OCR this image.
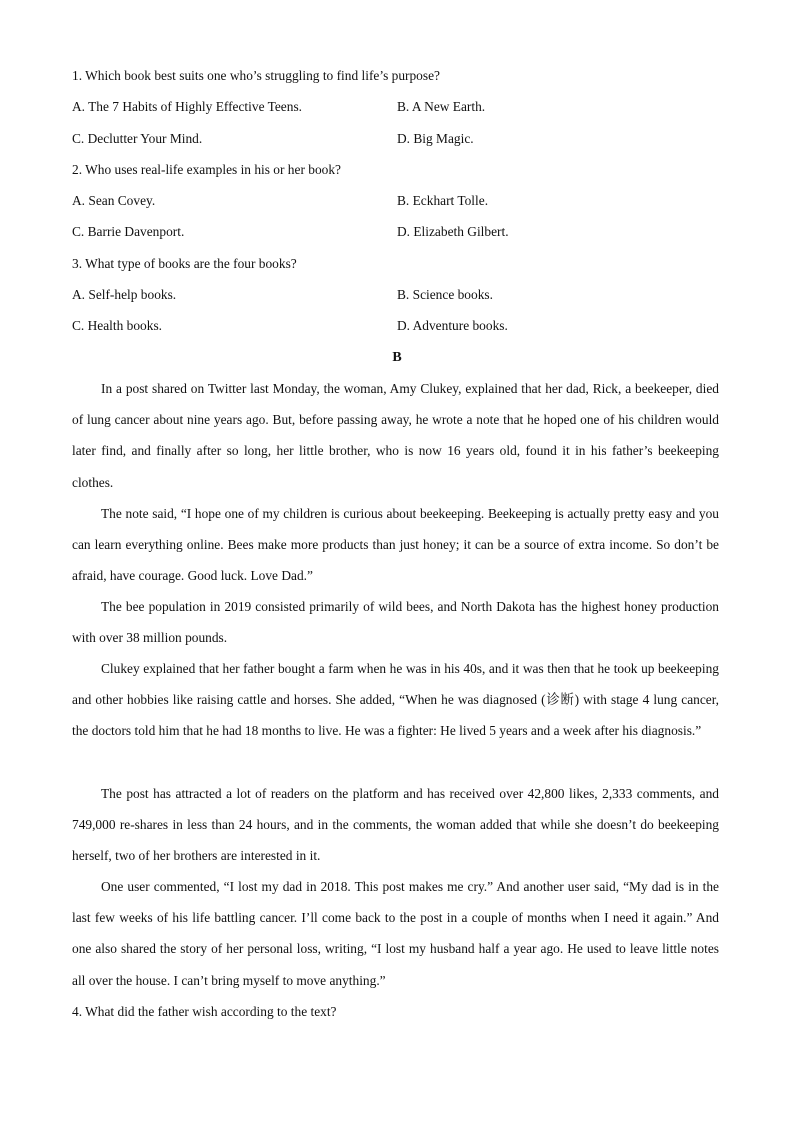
1. Which book best suits one who’s struggling to find life’s purpose?
A. The 7 Habits of Highly Effective Teens.	B. A New Earth.
C. Declutter Your Mind.	D. Big Magic.
2. Who uses real-life examples in his or her book?
A. Sean Covey.	B. Eckhart Tolle.
C. Barrie Davenport.	D. Elizabeth Gilbert.
3. What type of books are the four books?
A. Self-help books.	B. Science books.
C. Health books.	D. Adventure books.
B

In a post shared on Twitter last Monday, the woman, Amy Clukey, explained that her dad, Rick, a beekeeper, died of lung cancer about nine years ago. But, before passing away, he wrote a note that he hoped one of his children would later find, and finally after so long, her little brother, who is now 16 years old, found it in his father’s beekeeping clothes.

The note said, “I hope one of my children is curious about beekeeping. Beekeeping is actually pretty easy and you can learn everything online. Bees make more products than just honey; it can be a source of extra income. So don’t be afraid, have courage. Good luck. Love Dad.”

The bee population in 2019 consisted primarily of wild bees, and North Dakota has the highest honey production with over 38 million pounds.

Clukey explained that her father bought a farm when he was in his 40s, and it was then that he took up beekeeping and other hobbies like raising cattle and horses. She added, “When he was diagnosed (诊断) with stage 4 lung cancer, the doctors told him that he had 18 months to live. He was a fighter: He lived 5 years and a week after his diagnosis.”

The post has attracted a lot of readers on the platform and has received over 42,800 likes, 2,333 comments, and 749,000 re-shares in less than 24 hours, and in the comments, the woman added that while she doesn’t do beekeeping herself, two of her brothers are interested in it.

One user commented, “I lost my dad in 2018. This post makes me cry.” And another user said, “My dad is in the last few weeks of his life battling cancer. I’ll come back to the post in a couple of months when I need it again.” And one also shared the story of her personal loss, writing, “I lost my husband half a year ago. He used to leave little notes all over the house. I can’t bring myself to move anything.”

4. What did the father wish according to the text?
